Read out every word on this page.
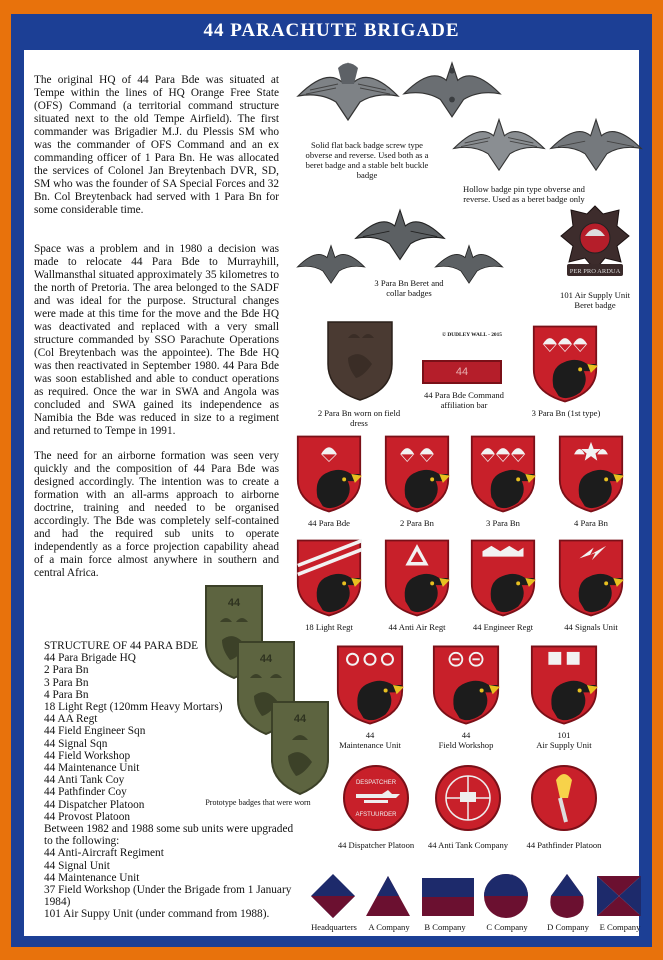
44 PARACHUTE BRIGADE
The original HQ of 44 Para Bde was situated at Tempe within the lines of HQ Orange Free State (OFS) Command (a territorial command structure situated next to the old Tempe Airfield). The first commander was Brigadier M.J. du Plessis SM who was the commander of OFS Command and an ex commanding officer of 1 Para Bn. He was allocated the services of Colonel Jan Breytenbach DVR, SD, SM who was the founder of SA Special Forces and 32 Bn. Col Breytenback had served with 1 Para Bn for some considerable time.
Space was a problem and in 1980 a decision was made to relocate 44 Para Bde to Murrayhill, Wallmansthal situated approximately 35 kilometres to the north of Pretoria. The area belonged to the SADF and was ideal for the purpose. Structural changes were made at this time for the move and the Bde HQ was deactivated and replaced with a very small structure commanded by SSO Parachute Operations (Col Breytenbach was the appointee). The Bde HQ was then reactivated in September 1980. 44 Para Bde was soon established and able to conduct operations as required. Once the war in SWA and Angola was concluded and SWA gained its independence as Namibia the Bde was reduced in size to a regiment and returned to Tempe in 1991.
The need for an airborne formation was seen very quickly and the composition of 44 Para Bde was designed accordingly. The intention was to create a formation with an all-arms approach to airborne doctrine, training and needed to be organised accordingly. The Bde was completely self-contained and had the required sub units to operate independently as a force projection capability ahead of a main force almost anywhere in southern and central Africa.
STRUCTURE OF 44 PARA BDE
44 Para Brigade HQ
2 Para Bn
3 Para Bn
4 Para Bn
18 Light Regt (120mm Heavy Mortars)
44 AA Regt
44 Field Engineer Sqn
44 Signal Sqn
44 Field Workshop
44 Maintenance Unit
44 Anti Tank Coy
44 Pathfinder Coy
44 Dispatcher Platoon
44 Provost Platoon
Between 1982 and 1988 some sub units were upgraded to the following:
44 Anti-Aircraft Regiment
44 Signal Unit
44 Maintenance Unit
37 Field Workshop (Under the Brigade from 1 January 1984)
101 Air Suppy Unit (under command from 1988).
Solid flat back badge screw type obverse and reverse. Used both as a beret badge and a stable belt buckle badge
Hollow badge pin type obverse and reverse. Used as a beret badge only
3 Para Bn Beret and collar badges
PER PRO ARDUA
101 Air Supply Unit Beret badge
2 Para Bn worn on field dress
© DUDLEY WALL - 2015
44
44 Para Bde Command affiliation bar
3 Para Bn (1st type)
44 Para Bde	2 Para Bn	3 Para Bn	4 Para Bn
18 Light Regt	44 Anti Air Regt	44 Engineer Regt	44 Signals Unit
44
Maintenance Unit
44
Field Workshop
101
Air Supply Unit
44
44
44
Prototype badges that were worn
DESPATCHER
AFSTUURDER
44 Dispatcher Platoon	44 Anti Tank Company	44 Pathfinder Platoon
Headquarters	A Company	B Company	C Company	D Company	E Company
